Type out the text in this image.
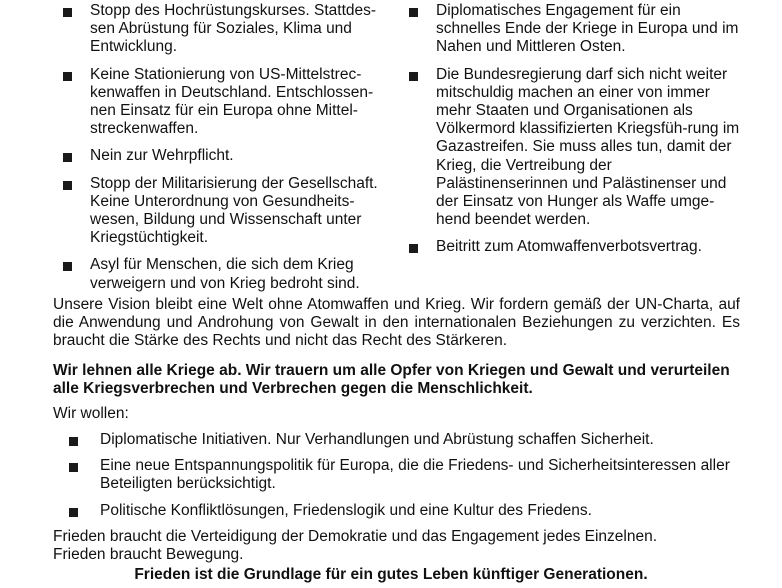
Stopp des Hochrüstungskurses. Stattdes-sen Abrüstung für Soziales, Klima und Entwicklung.
Keine Stationierung von US-Mittelstrec-kenwaffen in Deutschland. Entschlossen-nen Einsatz für ein Europa ohne Mittel-streckenwaffen.
Nein zur Wehrpflicht.
Stopp der Militarisierung der Gesellschaft. Keine Unterordnung von Gesundheits-wesen, Bildung und Wissenschaft unter Kriegstüchtigkeit.
Asyl für Menschen, die sich dem Krieg verweigern und von Krieg bedroht sind.
Diplomatisches Engagement für ein schnelles Ende der Kriege in Europa und im Nahen und Mittleren Osten.
Die Bundesregierung darf sich nicht weiter mitschuldig machen an einer von immer mehr Staaten und Organisationen als Völkermord klassifizierten Kriegsfüh-rung im Gazastreifen. Sie muss alles tun, damit der Krieg, die Vertreibung der Palästinenserinnen und Palästinenser und der Einsatz von Hunger als Waffe umge-hend beendet werden.
Beitritt zum Atomwaffenverbotsvertrag.

Unsere Vision bleibt eine Welt ohne Atomwaffen und Krieg. Wir fordern gemäß der UN-Charta, auf die Anwendung und Androhung von Gewalt in den internationalen Beziehungen zu verzichten. Es braucht die Stärke des Rechts und nicht das Recht des Stärkeren.

Wir lehnen alle Kriege ab. Wir trauern um alle Opfer von Kriegen und Gewalt und verurteilen alle Kriegsverbrechen und Verbrechen gegen die Menschlichkeit.

Wir wollen:

Diplomatische Initiativen. Nur Verhandlungen und Abrüstung schaffen Sicherheit.
Eine neue Entspannungspolitik für Europa, die die Friedens- und Sicherheitsinteressen aller Beteiligten berücksichtigt.
Politische Konfliktlösungen, Friedenslogik und eine Kultur des Friedens.
Frieden braucht die Verteidigung der Demokratie und das Engagement jedes Einzelnen.
Frieden braucht Bewegung.
Frieden ist die Grundlage für ein gutes Leben künftiger Generationen.
